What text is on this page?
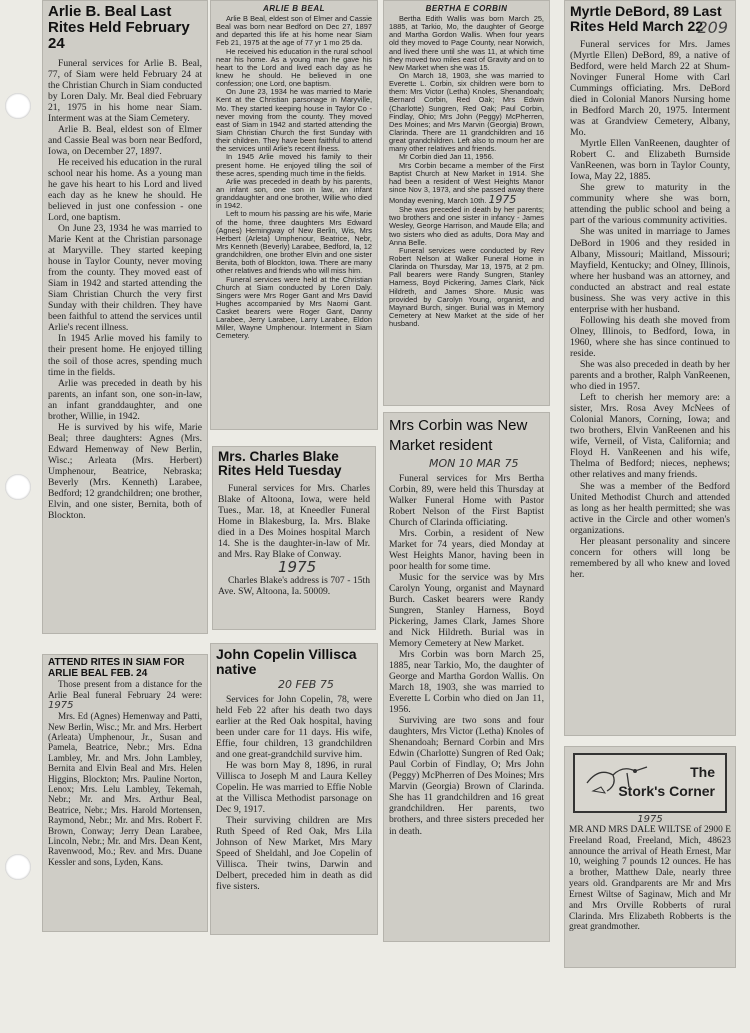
Arlie B. Beal Last Rites Held February 24

Funeral services for Arlie B. Beal, 77, of Siam were held February 24 at the Christian Church in Siam conducted by Loren Daly. Mr. Beal died February 21, 1975 in his home near Siam. Interment was at the Siam Cemetery.

Arlie B. Beal, eldest son of Elmer and Cassie Beal was born near Bedford, Iowa, on December 27, 1897.

He received his education in the rural school near his home. As a young man he gave his heart to his Lord and lived each day as he knew he should. He believed in just one confession - one Lord, one baptism.

On June 23, 1934 he was married to Marie Kent at the Christian parsonage at Maryville. They started keeping house in Taylor County, never moving from the county. They moved east of Siam in 1942 and started attending the Siam Christian Church the very first Sunday with their children. They have been faithful to attend the services until Arlie's recent illness.

In 1945 Arlie moved his family to their present home. He enjoyed tilling the soil of those acres, spending much time in the fields.

Arlie was preceded in death by his parents, an infant son, one son-in-law, an infant granddaughter, and one brother, Willie, in 1942.

He is survived by his wife, Marie Beal; three daughters: Agnes (Mrs. Edward Hemenway of New Berlin, Wisc.; Arleata (Mrs. Herbert) Umphenour, Beatrice, Nebraska; Beverly (Mrs. Kenneth) Larabee, Bedford; 12 grandchildren; one brother, Elvin, and one sister, Bernita, both of Blockton.

ATTEND RITES IN SIAM FOR ARLIE BEAL FEB. 24

Those present from a distance for the Arlie Beal funeral February 24 were: 1975

Mrs. Ed (Agnes) Hemenway and Patti, New Berlin, Wisc.; Mr. and Mrs. Herbert (Arleata) Umphenour, Jr., Susan and Pamela, Beatrice, Nebr.; Mrs. Edna Lambley, Mr. and Mrs. John Lambley, Bernita and Elvin Beal and Mrs. Helen Higgins, Blockton; Mrs. Pauline Norton, Lenox; Mrs. Lelu Lambley, Tekemah, Nebr.; Mr. and Mrs. Arthur Beal, Beatrice, Nebr.; Mrs. Harold Mortensen, Raymond, Nebr.; Mr. and Mrs. Robert F. Brown, Conway; Jerry Dean Larabee, Lincoln, Nebr.; Mr. and Mrs. Dean Kent, Ravenwood, Mo.; Rev. and Mrs. Duane Kessler and sons, Lyden, Kans.

ARLIE B BEAL

Arlie B Beal, eldest son of Elmer and Cassie Beal was born near Bedford on Dec 27, 1897 and departed this life at his home near Siam Feb 21, 1975 at the age of 77 yr 1 mo 25 da.

He received his education in the rural school near his home. As a young man he gave his heart to the Lord and lived each day as he knew he should. He believed in one confession; one Lord, one baptism.

On June 23, 1934 he was married to Marie Kent at the Christian parsonage in Maryville, Mo. They started keeping house in Taylor Co - never moving from the county. They moved east of Siam in 1942 and started attending the Siam Christian Church the first Sunday with their children. They have been faithful to attend the services until Arlie's recent illness.

In 1945 Arlie moved his family to their present home. He enjoyed tilling the soil of these acres, spending much time in the fields.

Arlie was preceded in death by his parents, an infant son, one son in law, an infant granddaughter and one brother, Willie who died in 1942.

Left to mourn his passing are his wife, Marie of the home, three daughters Mrs Edward (Agnes) Hemingway of New Berlin, Wis, Mrs Herbert (Arleta) Umphenour, Beatrice, Nebr, Mrs Kenneth (Beverly) Larabee, Bedford, Ia, 12 grandchildren, one brother Elvin and one sister Benita, both of Blockton, Iowa. There are many other relatives and friends who will miss him.

Funeral services were held at the Christian Church at Siam conducted by Loren Daly. Singers were Mrs Roger Gant and Mrs David Hughes accompanied by Mrs Naomi Gant. Casket bearers were Roger Gant, Danny Larabee, Jerry Larabee, Larry Larabee, Eldon Miller, Wayne Umphenour. Interment in Siam Cemetery.

Mrs. Charles Blake Rites Held Tuesday

Funeral services for Mrs. Charles Blake of Altoona, Iowa, were held Tues., Mar. 18, at Kneedler Funeral Home in Blakesburg, Ia. Mrs. Blake died in a Des Moines hospital March 14. She is the daughter-in-law of Mr. and Mrs. Ray Blake of Conway.

1975

Charles Blake's address is 707 - 15th Ave. SW, Altoona, Ia. 50009.

John Copelin Villisca native
20 FEB 75

Services for John Copelin, 78, were held Feb 22 after his death two days earlier at the Red Oak hospital, having been under care for 11 days. His wife, Effie, four children, 13 grandchildren and one great-grandchild survive him.

He was born May 8, 1896, in rural Villisca to Joseph M and Laura Kelley Copelin. He was married to Effie Noble at the Villisca Methodist parsonage on Dec 9, 1917.

Their surviving children are Mrs Ruth Speed of Red Oak, Mrs Lila Johnson of New Market, Mrs Mary Speed of Sheldahl, and Joe Copelin of Villisca. Their twins, Darwin and Delbert, preceded him in death as did five sisters.

BERTHA E CORBIN

Bertha Edith Wallis was born March 25, 1885, at Tarkio, Mo, the daughter of George and Martha Gordon Wallis. When four years old they moved to Page County, near Norwich, and lived there until she was 11, at which time they moved two miles east of Gravity and on to New Market when she was 15.

On March 18, 1903, she was married to Everette L. Corbin, six children were born to them: Mrs Victor (Letha) Knoles, Shenandoah; Bernard Corbin, Red Oak; Mrs Edwin (Charlotte) Sungren, Red Oak; Paul Corbin, Findlay, Ohio; Mrs John (Peggy) McPherren, Des Moines; and Mrs Marvin (Georgia) Brown, Clarinda. There are 11 grandchildren and 16 great grandchildren. Left also to mourn her are many other relatives and friends.

Mr Corbin died Jan 11, 1956.

Mrs Corbin became a member of the First Baptist Church at New Market in 1914. She had been a resident of West Heights Manor since Nov 3, 1973, and she passed away there Monday evening, March 10th. 1975

She was preceded in death by her parents; two brothers and one sister in infancy - James Wesley, George Harrison, and Maude Ella; and two sisters who died as adults, Dora May and Anna Belle.

Funeral services were conducted by Rev Robert Nelson at Walker Funeral Home in Clarinda on Thursday, Mar 13, 1975, at 2 pm. Pall bearers were Randy Sungren, Stanley Harness, Boyd Pickering, James Clark, Nick Hildreth, and James Shore. Music was provided by Carolyn Young, organist, and Maynard Burch, singer. Burial was in Memory Cemetery at New Market at the side of her husband.

Mrs Corbin was New Market resident
MON 10 MAR 75

Funeral services for Mrs Bertha Corbin, 89, were held this Thursday at Walker Funeral Home with Pastor Robert Nelson of the First Baptist Church of Clarinda officiating.

Mrs. Corbin, a resident of New Market for 74 years, died Monday at West Heights Manor, having been in poor health for some time.

Music for the service was by Mrs Carolyn Young, organist and Maynard Burch. Casket bearers were Randy Sungren, Stanley Harness, Boyd Pickering, James Clark, James Shore and Nick Hildreth. Burial was in Memory Cemetery at New Market.

Mrs Corbin was born March 25, 1885, near Tarkio, Mo, the daughter of George and Martha Gordon Wallis. On March 18, 1903, she was married to Everette L Corbin who died on Jan 11, 1956.

Surviving are two sons and four daughters, Mrs Victor (Letha) Knoles of Shenandoah; Bernard Corbin and Mrs Edwin (Charlotte) Sungren of Red Oak; Paul Corbin of Findlay, O; Mrs John (Peggy) McPherren of Des Moines; Mrs Marvin (Georgia) Brown of Clarinda. She has 11 grandchildren and 16 great grandchildren. Her parents, two brothers, and three sisters preceded her in death.

Myrtle DeBord, 89 Last Rites Held March 22
209

Funeral services for Mrs. James (Myrtle Ellen) DeBord, 89, a native of Bedford, were held March 22 at Shum-Novinger Funeral Home with Carl Cummings officiating. Mrs. DeBord died in Colonial Manors Nursing home in Bedford March 20, 1975. Interment was at Grandview Cemetery, Albany, Mo.

Myrtle Ellen VanReenen, daughter of Robert C. and Elizabeth Burnside VanReenen, was born in Taylor County, Iowa, May 22, 1885.

She grew to maturity in the community where she was born, attending the public school and being a part of the various community activities.

She was united in marriage to James DeBord in 1906 and they resided in Albany, Missouri; Maitland, Missouri; Mayfield, Kentucky; and Olney, Illinois, where her husband was an attorney, and conducted an abstract and real estate business. She was very active in this enterprise with her husband.

Following his death she moved from Olney, Illinois, to Bedford, Iowa, in 1960, where she has since continued to reside.

She was also preceded in death by her parents and a brother, Ralph VanReenen, who died in 1957.

Left to cherish her memory are: a sister, Mrs. Rosa Avey McNees of Colonial Manors, Corning, Iowa; and two brothers, Elvin VanReenen and his wife, Verneil, of Vista, California; and Floyd H. VanReenen and his wife, Thelma of Bedford; nieces, nephews; other relatives and many friends.

She was a member of the Bedford United Methodist Church and attended as long as her health permitted; she was active in the Circle and other women's organizations.

Her pleasant personality and sincere concern for others will long be remembered by all who knew and loved her.

The
Stork's Corner
1975
MR AND MRS DALE WILTSE of 2900 E Freeland Road, Freeland, Mich, 48623 announce the arrival of Heath Ernest, Mar 10, weighing 7 pounds 12 ounces. He has a brother, Matthew Dale, nearly three years old. Grandparents are Mr and Mrs Ernest Wiltse of Saginaw, Mich and Mr and Mrs Orville Robberts of rural Clarinda. Mrs Elizabeth Robberts is the great grandmother.
